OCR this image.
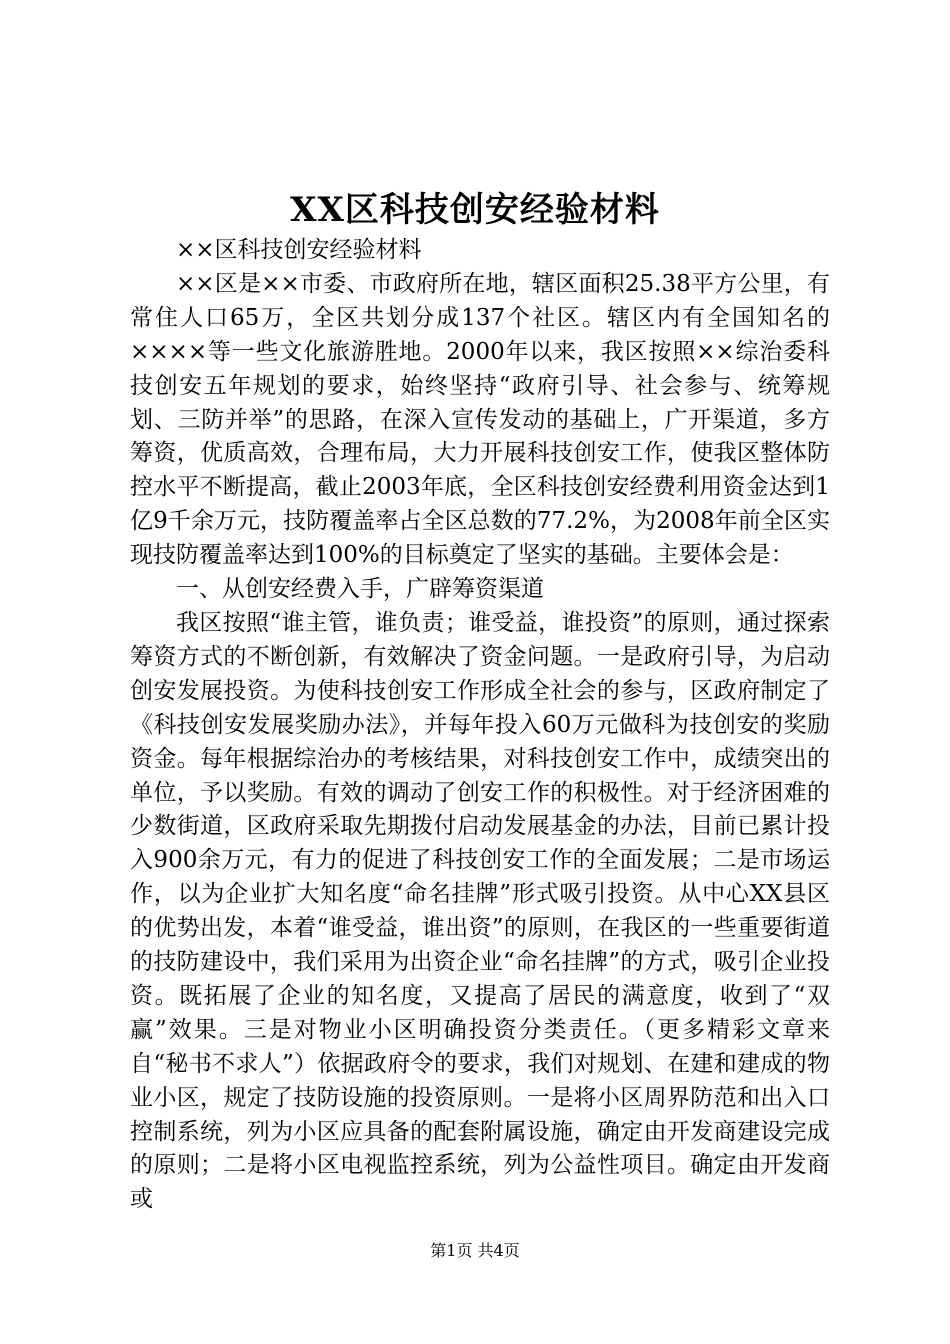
XX区科技创安经验材料

××区科技创安经验材料

××区是××市委、市政府所在地，辖区面积25.38平方公里，有常住人口65万，全区共划分成137个社区。辖区内有全国知名的××××等一些文化旅游胜地。2000年以来，我区按照××综治委科技创安五年规划的要求，始终坚持“政府引导、社会参与、统筹规划、三防并举”的思路，在深入宣传发动的基础上，广开渠道，多方筹资，优质高效，合理布局，大力开展科技创安工作，使我区整体防控水平不断提高，截止2003年底，全区科技创安经费利用资金达到1亿9千余万元，技防覆盖率占全区总数的77.2%，为2008年前全区实现技防覆盖率达到100%的目标奠定了坚实的基础。主要体会是：

一、从创安经费入手，广辟筹资渠道

我区按照“谁主管，谁负责；谁受益，谁投资”的原则，通过探索筹资方式的不断创新，有效解决了资金问题。一是政府引导，为启动创安发展投资。为使科技创安工作形成全社会的参与，区政府制定了《科技创安发展奖励办法》，并每年投入60万元做科为技创安的奖励资金。每年根据综治办的考核结果，对科技创安工作中，成绩突出的单位，予以奖励。有效的调动了创安工作的积极性。对于经济困难的少数街道，区政府采取先期拨付启动发展基金的办法，目前已累计投入900余万元，有力的促进了科技创安工作的全面发展；二是市场运作，以为企业扩大知名度“命名挂牌”形式吸引投资。从中心XX县区的优势出发，本着“谁受益，谁出资”的原则，在我区的一些重要街道的技防建设中，我们采用为出资企业“命名挂牌”的方式，吸引企业投资。既拓展了企业的知名度，又提高了居民的满意度，收到了“双赢”效果。三是对物业小区明确投资分类责任。（更多精彩文章来自“秘书不求人”）依据政府令的要求，我们对规划、在建和建成的物业小区，规定了技防设施的投资原则。一是将小区周界防范和出入口控制系统，列为小区应具备的配套附属设施，确定由开发商建设完成的原则；二是将小区电视监控系统，列为公益性项目。确定由开发商或

第1页 共4页
